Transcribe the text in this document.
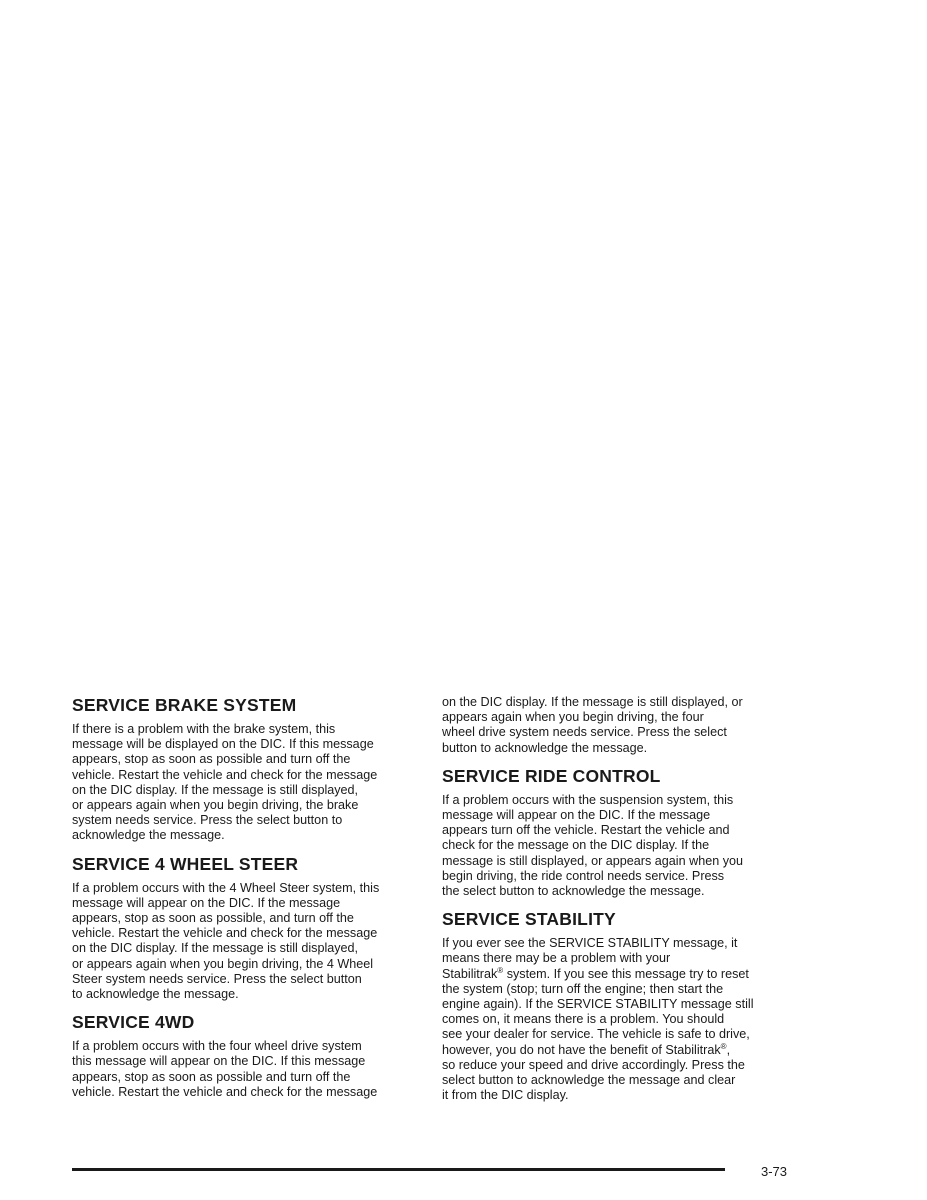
SERVICE BRAKE SYSTEM

If there is a problem with the brake system, this
message will be displayed on the DIC. If this message
appears, stop as soon as possible and turn off the
vehicle. Restart the vehicle and check for the message
on the DIC display. If the message is still displayed,
or appears again when you begin driving, the brake
system needs service. Press the select button to
acknowledge the message.

SERVICE 4 WHEEL STEER

If a problem occurs with the 4 Wheel Steer system, this
message will appear on the DIC. If the message
appears, stop as soon as possible, and turn off the
vehicle. Restart the vehicle and check for the message
on the DIC display. If the message is still displayed,
or appears again when you begin driving, the 4 Wheel
Steer system needs service. Press the select button
to acknowledge the message.

SERVICE 4WD

If a problem occurs with the four wheel drive system
this message will appear on the DIC. If this message
appears, stop as soon as possible and turn off the
vehicle. Restart the vehicle and check for the message

on the DIC display. If the message is still displayed, or
appears again when you begin driving, the four
wheel drive system needs service. Press the select
button to acknowledge the message.

SERVICE RIDE CONTROL

If a problem occurs with the suspension system, this
message will appear on the DIC. If the message
appears turn off the vehicle. Restart the vehicle and
check for the message on the DIC display. If the
message is still displayed, or appears again when you
begin driving, the ride control needs service. Press
the select button to acknowledge the message.

SERVICE STABILITY

If you ever see the SERVICE STABILITY message, it
means there may be a problem with your
Stabilitrak® system. If you see this message try to reset
the system (stop; turn off the engine; then start the
engine again). If the SERVICE STABILITY message still
comes on, it means there is a problem. You should
see your dealer for service. The vehicle is safe to drive,
however, you do not have the benefit of Stabilitrak®,
so reduce your speed and drive accordingly. Press the
select button to acknowledge the message and clear
it from the DIC display.

3-73
